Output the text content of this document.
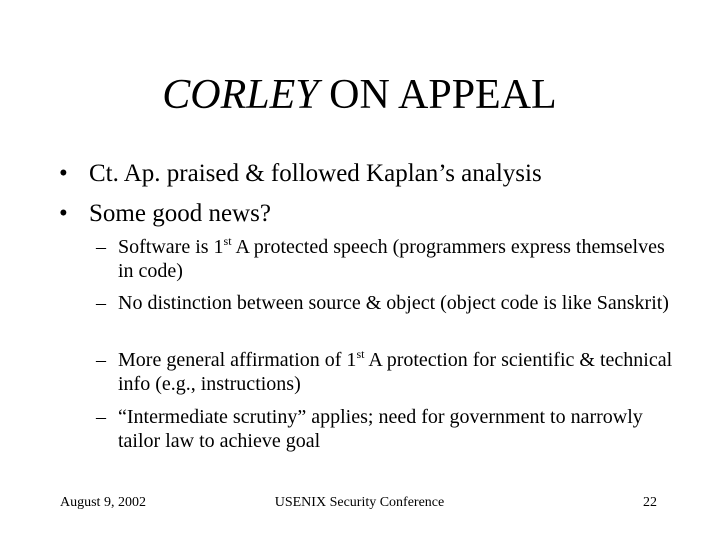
CORLEY ON APPEAL
• Ct. Ap. praised & followed Kaplan’s analysis
• Some good news?
– Software is 1st A protected speech (programmers express themselves in code)
– No distinction between source & object (object code is like Sanskrit)
– More general affirmation of 1st A protection for scientific & technical info (e.g., instructions)
– “Intermediate scrutiny” applies; need for government to narrowly tailor law to achieve goal
August 9, 2002	USENIX Security Conference	22
